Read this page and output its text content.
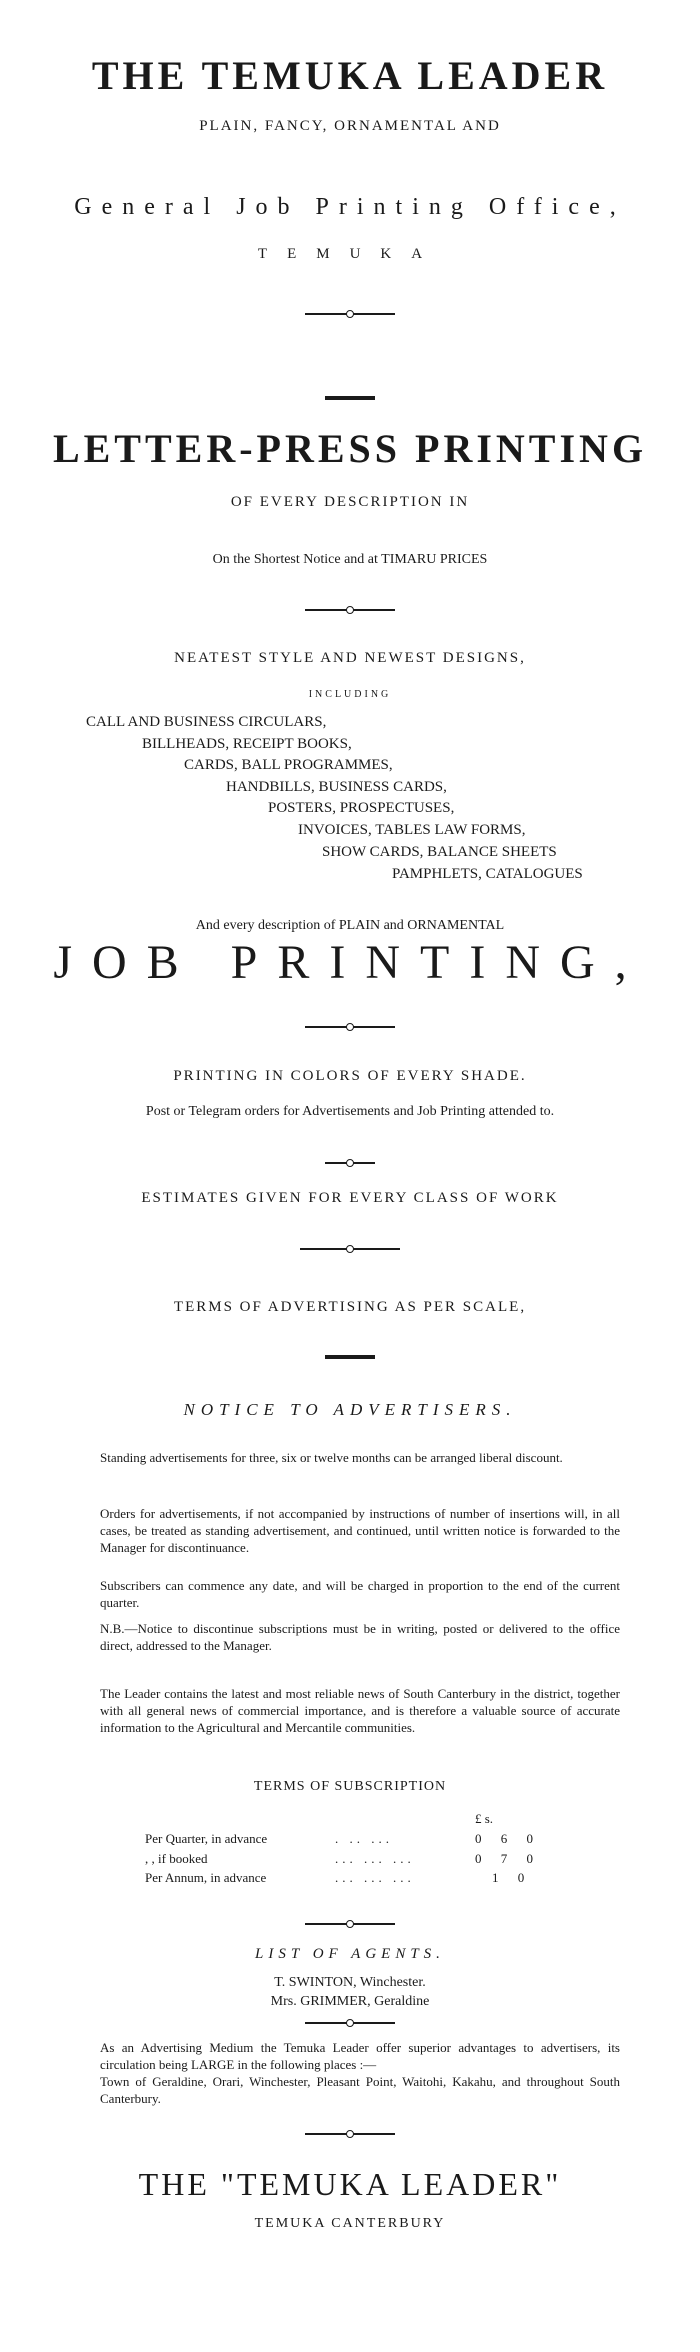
THE TEMUKA LEADER
PLAIN, FANCY, ORNAMENTAL AND
General Job Printing Office,
TEMUKA
LETTER-PRESS PRINTING
OF EVERY DESCRIPTION IN
On the Shortest Notice and at TIMARU PRICES
NEATEST STYLE AND NEWEST DESIGNS,
INCLUDING
CALL AND BUSINESS CIRCULARS,
BILLHEADS, RECEIPT BOOKS,
CARDS, BALL PROGRAMMES,
HANDBILLS, BUSINESS CARDS,
POSTERS, PROSPECTUSES,
INVOICES, TABLES LAW FORMS,
SHOW CARDS, BALANCE SHEETS
PAMPHLETS, CATALOGUES
And every description of PLAIN and ORNAMENTAL
JOB PRINTING,
PRINTING IN COLORS OF EVERY SHADE.
Post or Telegram orders for Advertisements and Job Printing attended to.
ESTIMATES GIVEN FOR EVERY CLASS OF WORK
TERMS OF ADVERTISING AS PER SCALE,
NOTICE TO ADVERTISERS.
Standing advertisements for three, six or twelve months can be arranged liberal discount.
Orders for advertisements, if not accompanied by instructions of number of insertions will, in all cases, be treated as standing advertisement, and continued, until written notice is forwarded to the Manager for discontinuance.
Subscribers can commence any date, and will be charged in proportion to the end of the current quarter.
N.B.—Notice to discontinue subscriptions must be in writing, posted or delivered to the office direct, addressed to the Manager.
The Leader contains the latest and most reliable news of South Canterbury in the district, together with all general news of commercial importance, and is therefore a valuable source of accurate information to the Agricultural and Mercantile communities.
TERMS OF SUBSCRIPTION
£ s.
Per Quarter, in advance	. .. ...	0 6 0
, , if booked	... ... ...	0 7 0
Per Annum, in advance	... ... ...	1 0
LIST OF AGENTS.
T. SWINTON, Winchester.
Mrs. GRIMMER, Geraldine
As an Advertising Medium the Temuka Leader offer superior advantages to advertisers, its circulation being LARGE in the following places :—
Town of Geraldine, Orari, Winchester, Pleasant Point, Waitohi, Kakahu, and throughout South Canterbury.
THE "TEMUKA LEADER"
TEMUKA CANTERBURY
